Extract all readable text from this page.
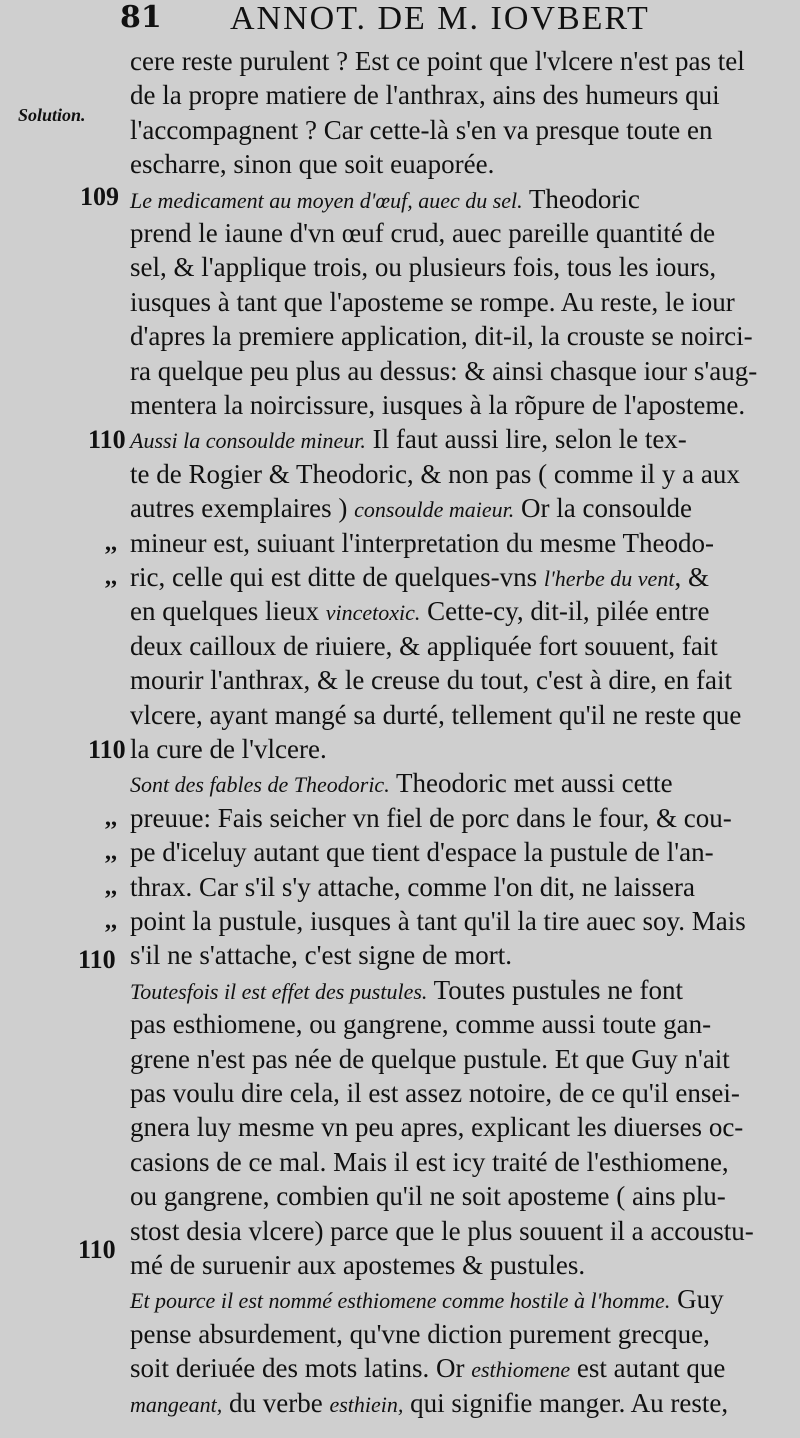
81 ANNOT. DE M. IOVBERT
Solution.
109
110
110
110
110
cere reste purulent ? Est ce point que l'vlcere n'est pas tel
de la propre matiere de l'anthrax, ains des humeurs qui
l'accompagnent ? Car cette-là s'en va presque toute en
escharre, sinon que soit euaporée.
Le medicament au moyen d'œuf, auec du sel. Theodoric
prend le iaune d'vn œuf crud, auec pareille quantité de
sel, & l'applique trois, ou plusieurs fois, tous les iours,
iusques à tant que l'aposteme se rompe. Au reste, le iour
d'apres la premiere application, dit-il, la crouste se noirci-
ra quelque peu plus au dessus: & ainsi chasque iour s'aug-
mentera la noircissure, iusques à la rõpure de l'aposteme.
Aussi la consoulde mineur. Il faut aussi lire, selon le tex-
te de Rogier & Theodoric, & non pas ( comme il y a aux
autres exemplaires ) consoulde maieur. Or la consoulde
mineur est, suiuant l'interpretation du mesme Theodo-
,,
ric, celle qui est ditte de quelques-vns l'herbe du vent, &
,,
en quelques lieux vincetoxic. Cette-cy, dit-il, pilée entre
deux cailloux de riuiere, & appliquée fort souuent, fait
mourir l'anthrax, & le creuse du tout, c'est à dire, en fait
vlcere, ayant mangé sa durté, tellement qu'il ne reste que
la cure de l'vlcere.
Sont des fables de Theodoric. Theodoric met aussi cette
preuue: Fais seicher vn fiel de porc dans le four, & cou-
,,
pe d'iceluy autant que tient d'espace la pustule de l'an-
,,
thrax. Car s'il s'y attache, comme l'on dit, ne laissera
,,
point la pustule, iusques à tant qu'il la tire auec soy. Mais
,,
s'il ne s'attache, c'est signe de mort.
Toutesfois il est effet des pustules. Toutes pustules ne font
pas esthiomene, ou gangrene, comme aussi toute gan-
grene n'est pas née de quelque pustule. Et que Guy n'ait
pas voulu dire cela, il est assez notoire, de ce qu'il ensei-
gnera luy mesme vn peu apres, explicant les diuerses oc-
casions de ce mal. Mais il est icy traité de l'esthiomene,
ou gangrene, combien qu'il ne soit aposteme ( ains plu-
stost desia vlcere) parce que le plus souuent il a accoustu-
mé de suruenir aux apostemes & pustules.
Et pource il est nommé esthiomene comme hostile à l'homme. Guy
pense absurdement, qu'vne diction purement grecque,
soit deriuée des mots latins. Or esthiomene est autant que
mangeant, du verbe esthiein, qui signifie manger. Au reste,
